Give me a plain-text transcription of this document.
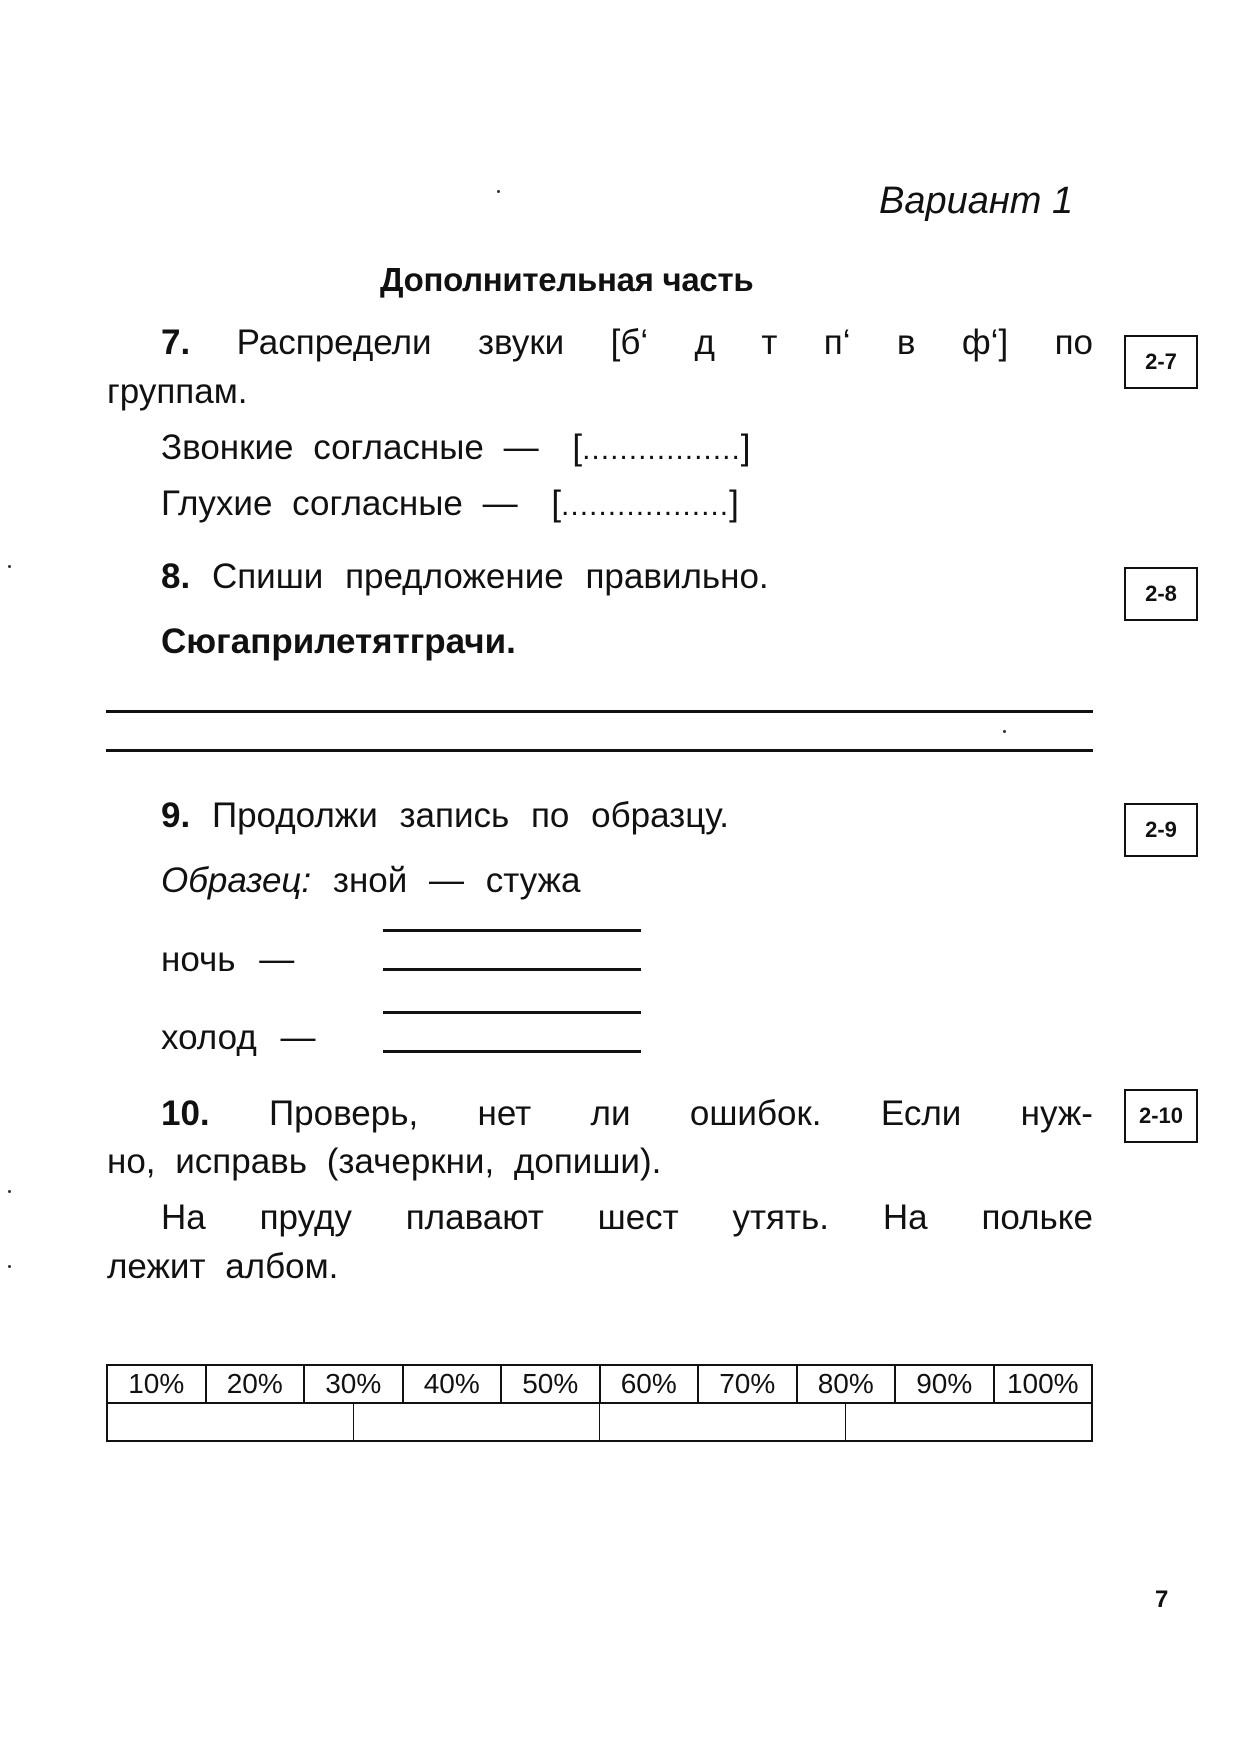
Вариант 1
Дополнительная часть
7. Распредели звуки [б‘ д т п‘ в ф‘] по
группам.
Звонкие согласные — [.................]
Глухие согласные — [..................]
2-7
8. Спиши предложение правильно.
Сюгаприлетятграчи.
2-8
9. Продолжи запись по образцу.
Образец: зной — стужа
ночь —
холод —
2-9
10. Проверь, нет ли ошибок. Если нуж-
но, исправь (зачеркни, допиши).
На пруду плавают шест утять. На польке
лежит албом.
2-10
10%	20%	30%	40%	50%	60%	70%	80%	90%	100%
7
